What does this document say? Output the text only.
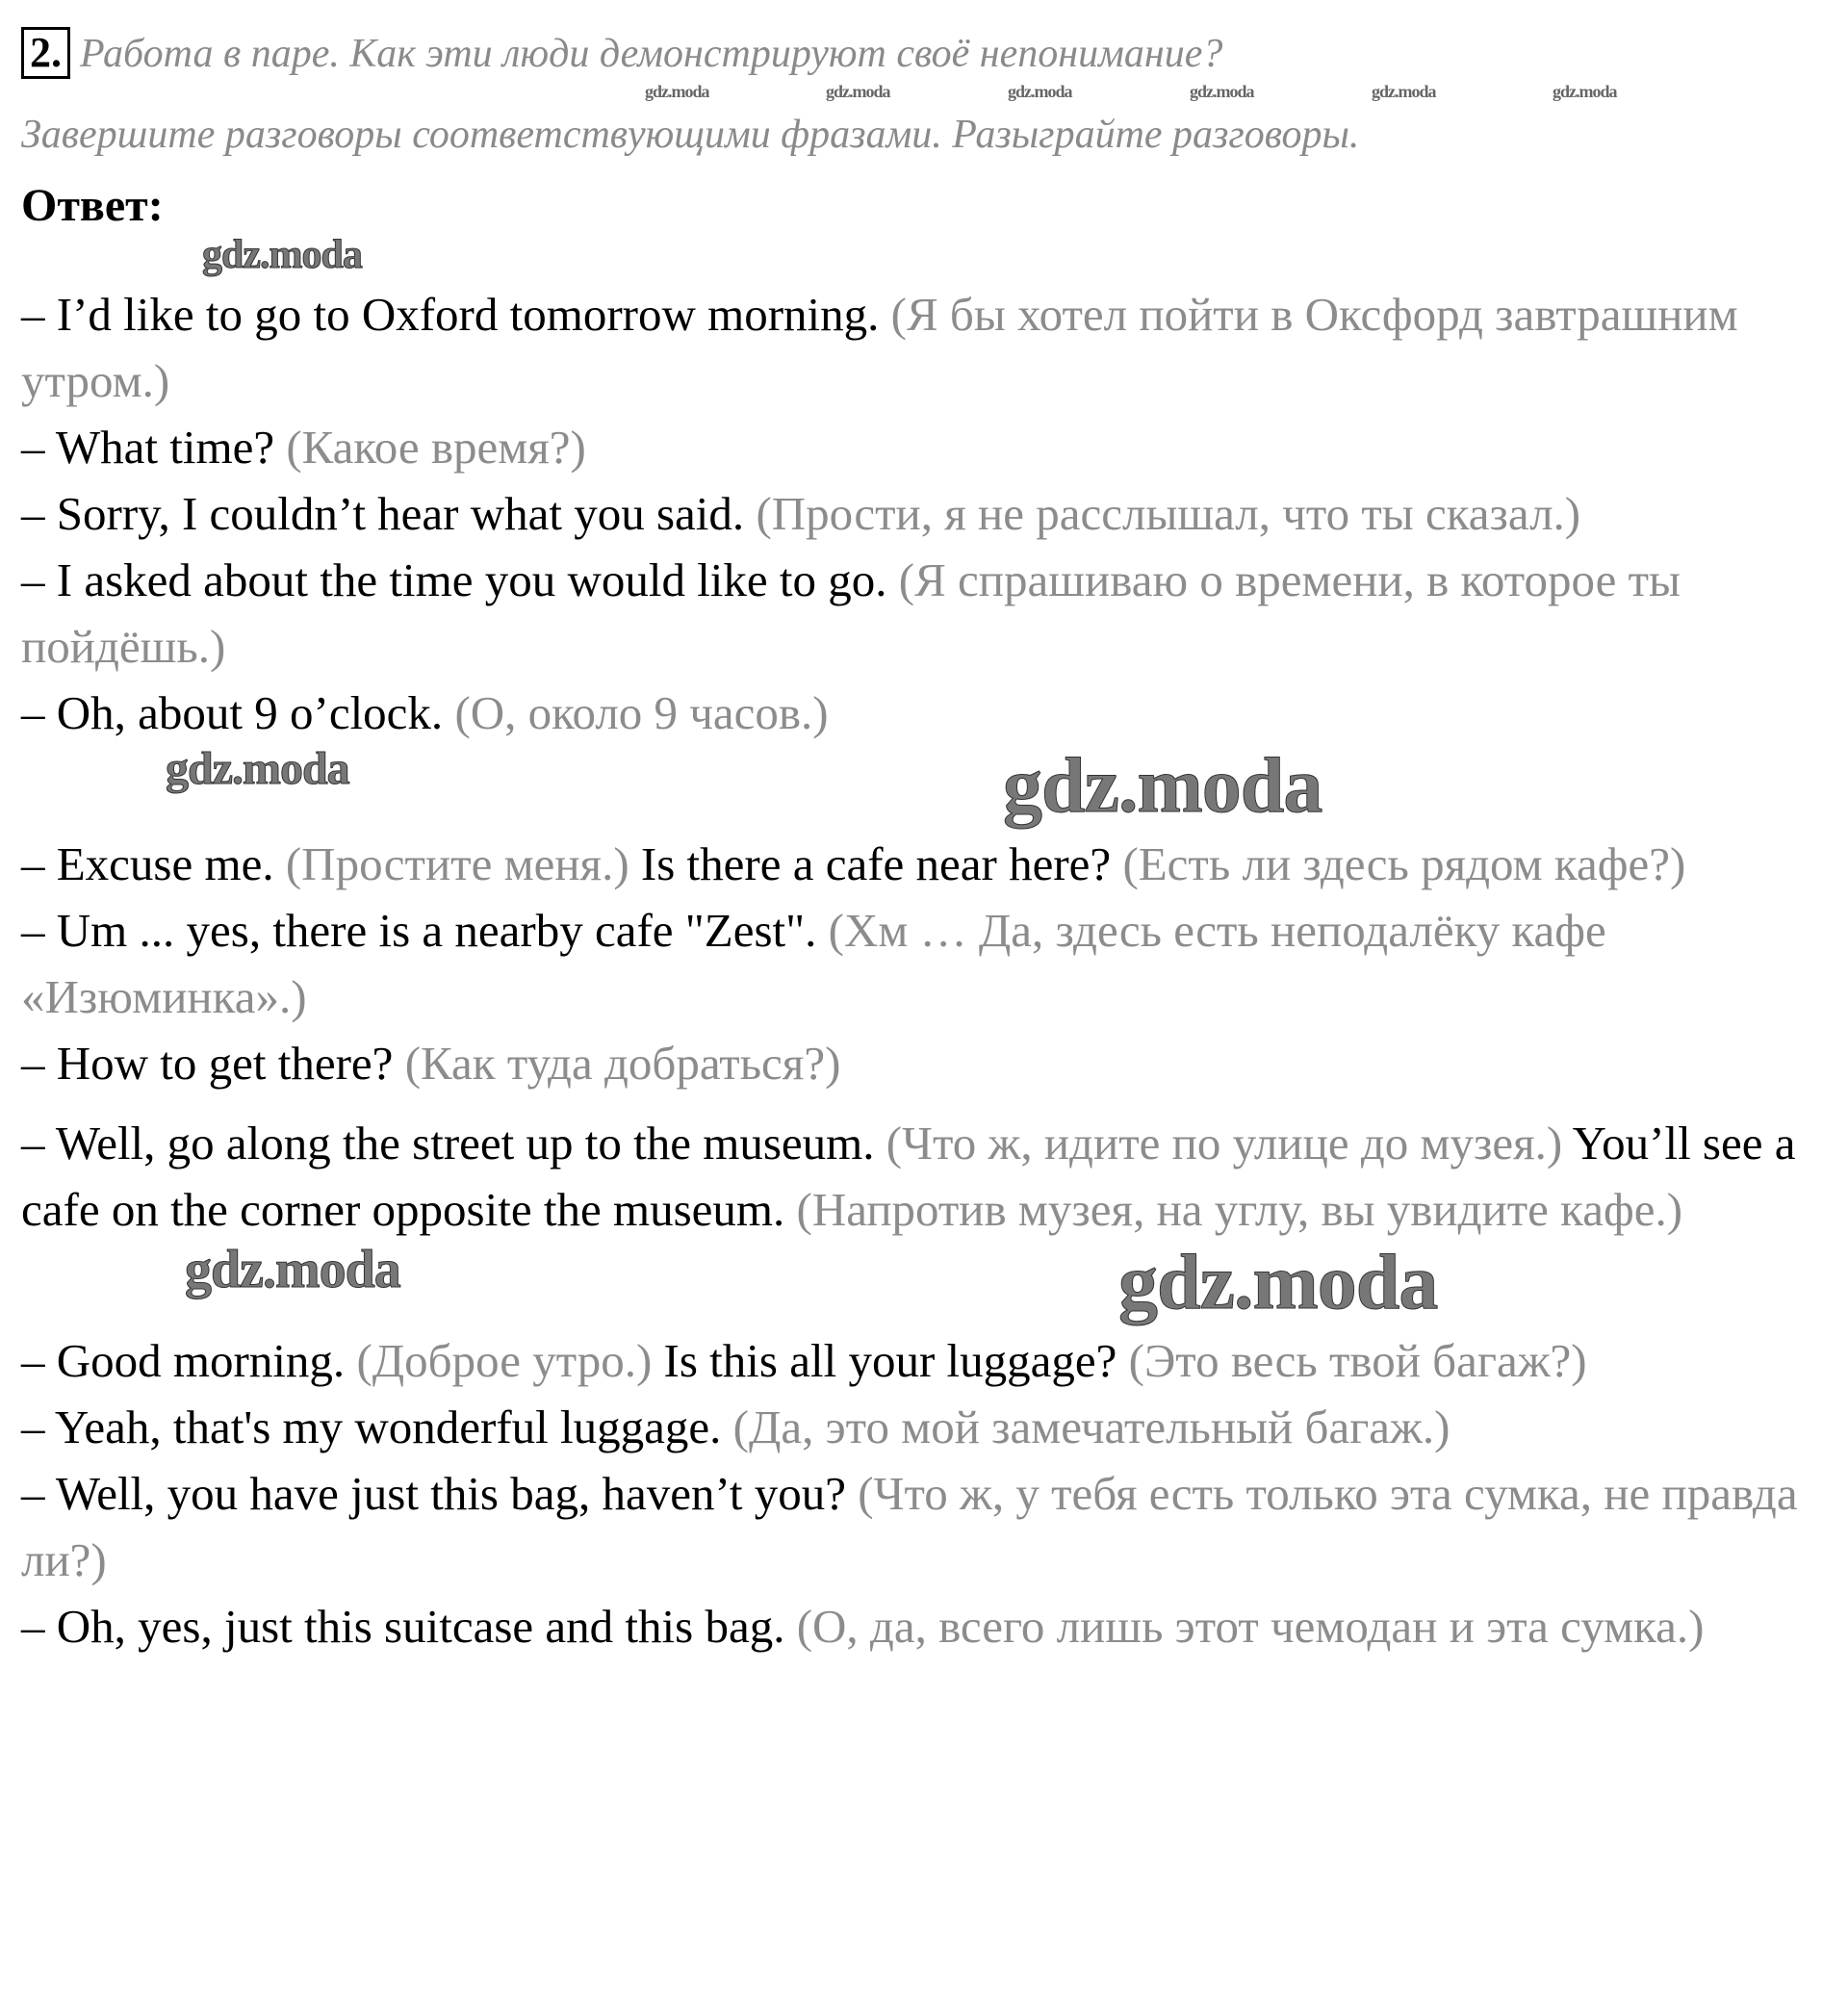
2. Работа в паре. Как эти люди демонстрируют своё непонимание?
gdz.moda	gdz.moda	gdz.moda	gdz.moda	gdz.moda	gdz.moda
Завершите разговоры соответствующими фразами. Разыграйте разговоры.
Ответ:
gdz.moda

– I’d like to go to Oxford tomorrow morning. (Я бы хотел пойти в Оксфорд завтрашним утром.)

– What time? (Какое время?)

– Sorry, I couldn’t hear what you said. (Прости, я не расслышал, что ты сказал.)

– I asked about the time you would like to go. (Я спрашиваю о времени, в которое ты пойдёшь.)

– Oh, about 9 o’clock. (О, около 9 часов.)

gdz.moda	gdz.moda

– Excuse me. (Простите меня.) Is there a cafe near here? (Есть ли здесь рядом кафе?)

– Um ... yes, there is a nearby cafe "Zest". (Хм … Да, здесь есть неподалёку кафе «Изюминка».)

– How to get there? (Как туда добраться?)

– Well, go along the street up to the museum. (Что ж, идите по улице до музея.) You’ll see a cafe on the corner opposite the museum. (Напротив музея, на углу, вы увидите кафе.)

gdz.moda	gdz.moda

– Good morning. (Доброе утро.) Is this all your luggage? (Это весь твой багаж?)

– Yeah, that's my wonderful luggage. (Да, это мой замечательный багаж.)

– Well, you have just this bag, haven’t you? (Что ж, у тебя есть только эта сумка, не правда ли?)

– Oh, yes, just this suitcase and this bag. (О, да, всего лишь этот чемодан и эта сумка.)
